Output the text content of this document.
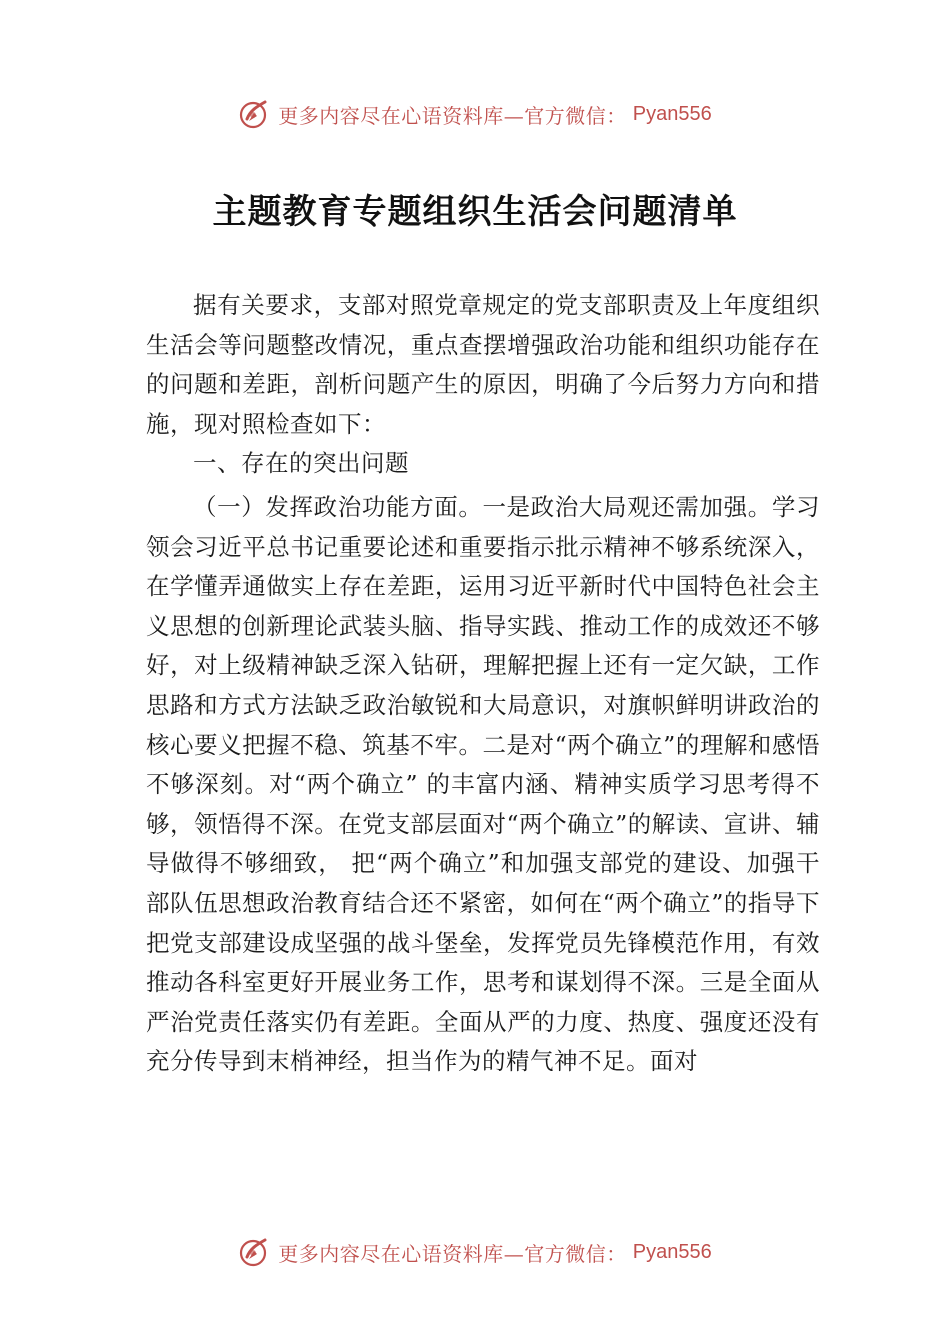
更多内容尽在心语资料库—官方微信： Pyan556
主题教育专题组织生活会问题清单

据有关要求，支部对照党章规定的党支部职责及上年度组织生活会等问题整改情况，重点查摆增强政治功能和组织功能存在的问题和差距，剖析问题产生的原因，明确了今后努力方向和措施，现对照检查如下：

一、存在的突出问题

（一）发挥政治功能方面。一是政治大局观还需加强。学习领会习近平总书记重要论述和重要指示批示精神不够系统深入，在学懂弄通做实上存在差距，运用习近平新时代中国特色社会主义思想的创新理论武装头脑、指导实践、推动工作的成效还不够好，对上级精神缺乏深入钻研，理解把握上还有一定欠缺，工作思路和方式方法缺乏政治敏锐和大局意识，对旗帜鲜明讲政治的核心要义把握不稳、筑基不牢。二是对“两个确立”的理解和感悟不够深刻。对“两个确立” 的丰富内涵、精神实质学习思考得不够，领悟得不深。在党支部层面对“两个确立”的解读、宣讲、辅导做得不够细致， 把“两个确立”和加强支部党的建设、加强干部队伍思想政治教育结合还不紧密，如何在“两个确立”的指导下把党支部建设成坚强的战斗堡垒，发挥党员先锋模范作用，有效推动各科室更好开展业务工作，思考和谋划得不深。三是全面从严治党责任落实仍有差距。全面从严的力度、热度、强度还没有充分传导到末梢神经，担当作为的精气神不足。面对

更多内容尽在心语资料库—官方微信： Pyan556
